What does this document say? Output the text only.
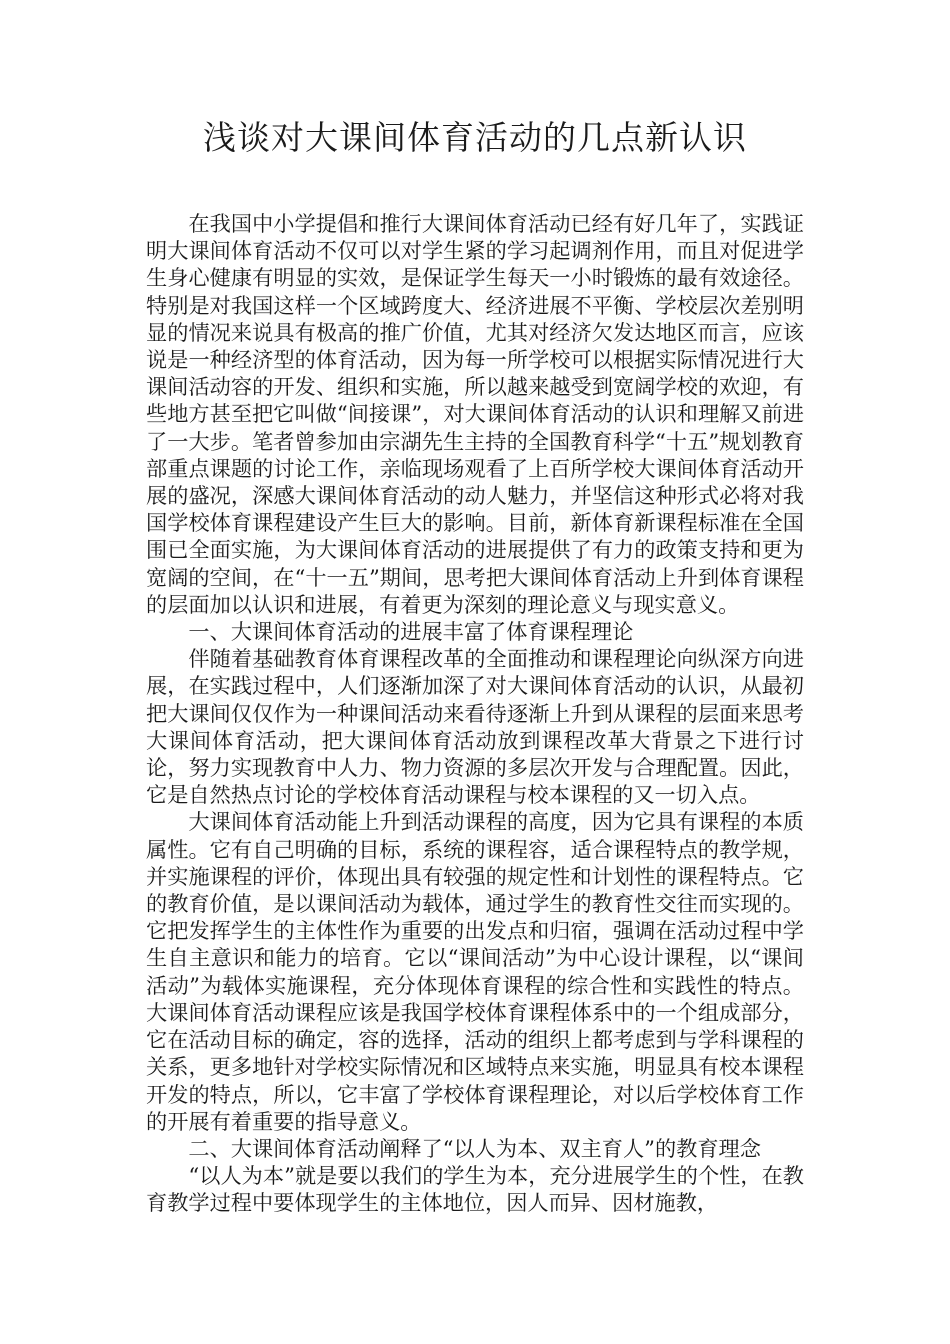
浅谈对大课间体育活动的几点新认识

在我国中小学提倡和推行大课间体育活动已经有好几年了，实践证明大课间体育活动不仅可以对学生紧的学习起调剂作用，而且对促进学生身心健康有明显的实效，是保证学生每天一小时锻炼的最有效途径。特别是对我国这样一个区域跨度大、经济进展不平衡、学校层次差别明显的情况来说具有极高的推广价值，尤其对经济欠发达地区而言，应该说是一种经济型的体育活动，因为每一所学校可以根据实际情况进行大课间活动容的开发、组织和实施，所以越来越受到宽阔学校的欢迎，有些地方甚至把它叫做“间接课”，对大课间体育活动的认识和理解又前进了一大步。笔者曾参加由宗湖先生主持的全国教育科学“十五”规划教育部重点课题的讨论工作，亲临现场观看了上百所学校大课间体育活动开展的盛况，深感大课间体育活动的动人魅力，并坚信这种形式必将对我国学校体育课程建设产生巨大的影响。目前，新体育新课程标准在全国围已全面实施，为大课间体育活动的进展提供了有力的政策支持和更为宽阔的空间，在“十一五”期间，思考把大课间体育活动上升到体育课程的层面加以认识和进展，有着更为深刻的理论意义与现实意义。

一、大课间体育活动的进展丰富了体育课程理论

伴随着基础教育体育课程改革的全面推动和课程理论向纵深方向进展，在实践过程中，人们逐渐加深了对大课间体育活动的认识，从最初把大课间仅仅作为一种课间活动来看待逐渐上升到从课程的层面来思考大课间体育活动，把大课间体育活动放到课程改革大背景之下进行讨论，努力实现教育中人力、物力资源的多层次开发与合理配置。因此，它是自然热点讨论的学校体育活动课程与校本课程的又一切入点。

大课间体育活动能上升到活动课程的高度，因为它具有课程的本质属性。它有自己明确的目标，系统的课程容，适合课程特点的教学规，并实施课程的评价，体现出具有较强的规定性和计划性的课程特点。它的教育价值，是以课间活动为载体，通过学生的教育性交往而实现的。它把发挥学生的主体性作为重要的出发点和归宿，强调在活动过程中学生自主意识和能力的培育。它以“课间活动”为中心设计课程，以“课间活动”为载体实施课程，充分体现体育课程的综合性和实践性的特点。大课间体育活动课程应该是我国学校体育课程体系中的一个组成部分，它在活动目标的确定，容的选择，活动的组织上都考虑到与学科课程的关系，更多地针对学校实际情况和区域特点来实施，明显具有校本课程开发的特点，所以，它丰富了学校体育课程理论，对以后学校体育工作的开展有着重要的指导意义。

二、大课间体育活动阐释了“以人为本、双主育人”的教育理念

“以人为本”就是要以我们的学生为本，充分进展学生的个性，在教育教学过程中要体现学生的主体地位，因人而异、因材施教，
